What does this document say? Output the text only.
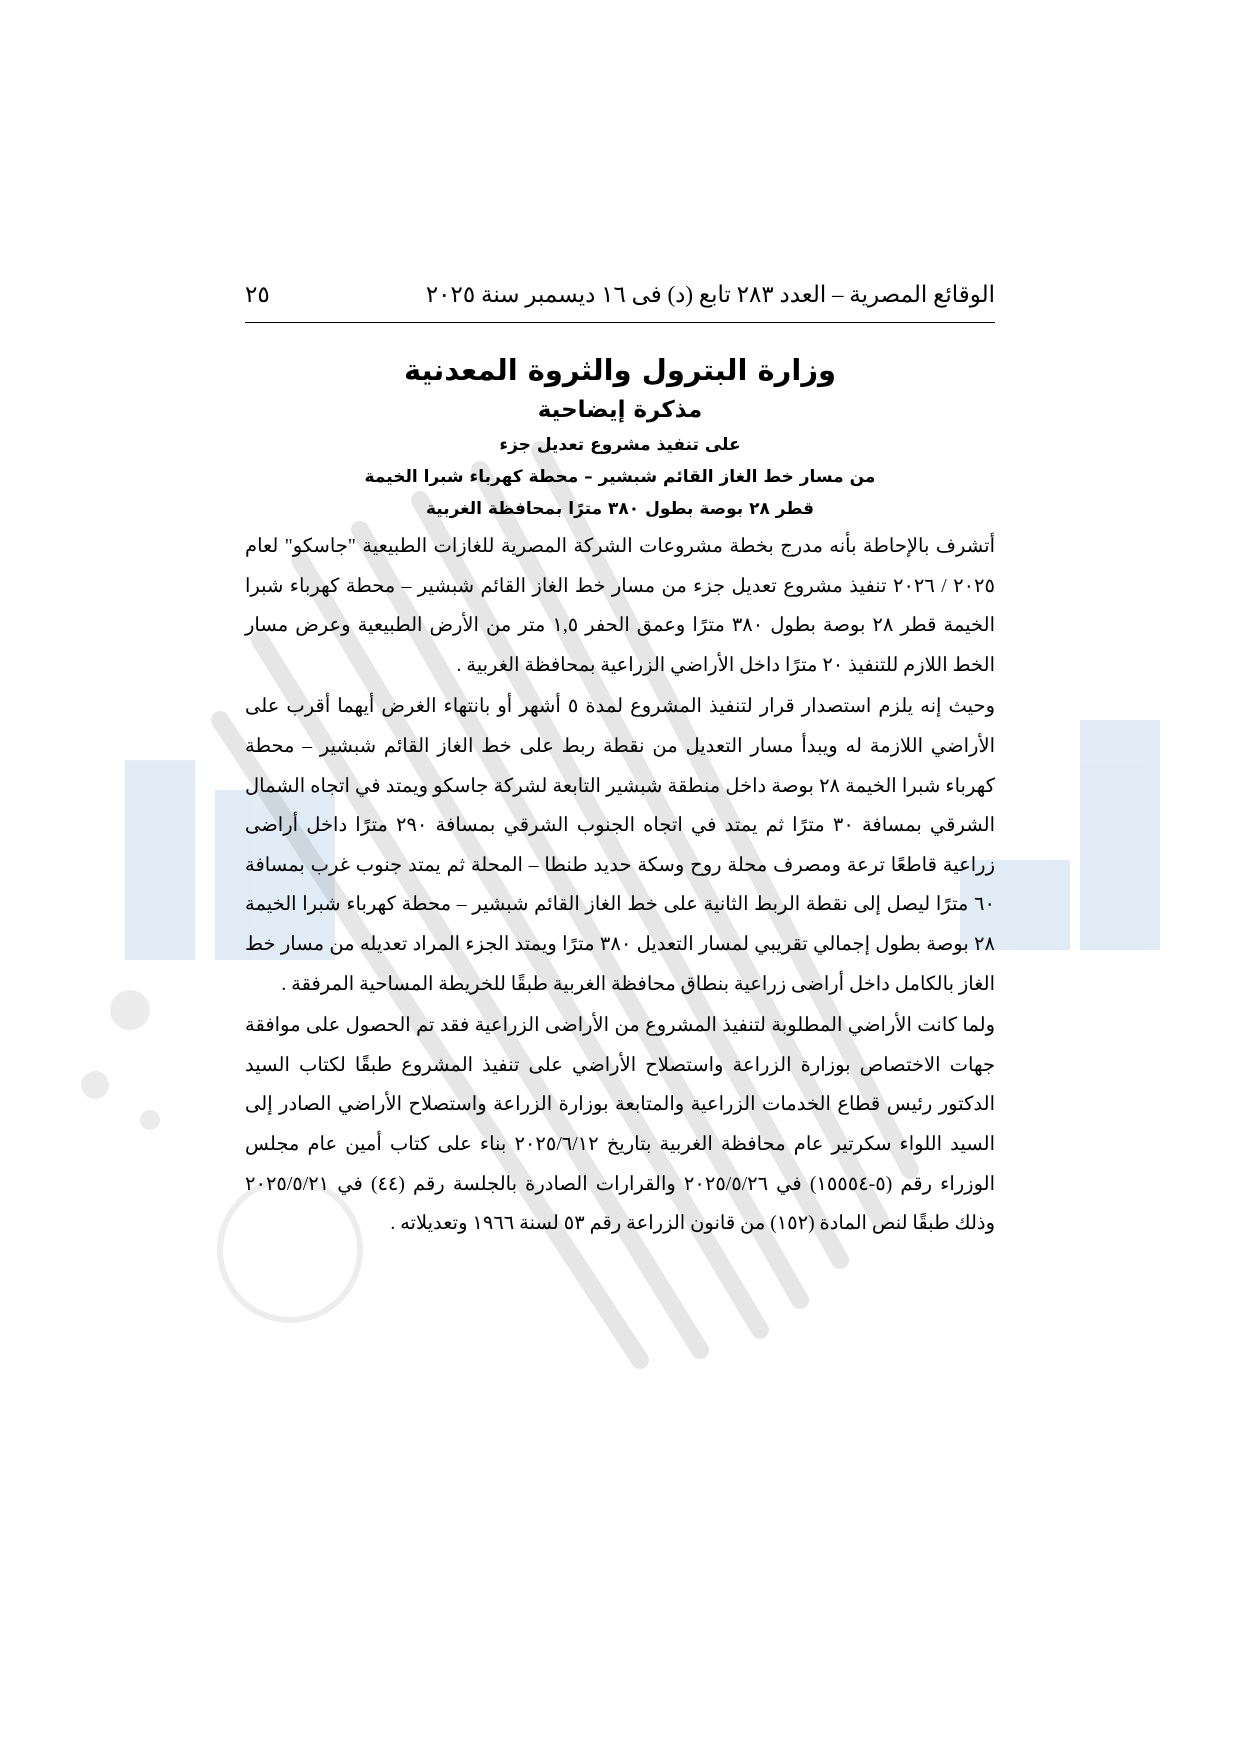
الوقائع المصرية – العدد ٢٨٣ تابع (د) فى ١٦ ديسمبر سنة ٢٠٢٥
٢٥
وزارة البترول والثروة المعدنية
مذكرة إيضاحية
على تنفيذ مشروع تعديل جزء
من مسار خط الغاز القائم شبشير – محطة كهرباء شبرا الخيمة
قطر ٢٨ بوصة بطول ٣٨٠ مترًا بمحافظة الغربية

أتشرف بالإحاطة بأنه مدرج بخطة مشروعات الشركة المصرية للغازات الطبيعية "جاسكو" لعام ٢٠٢٥ / ٢٠٢٦ تنفيذ مشروع تعديل جزء من مسار خط الغاز القائم شبشير – محطة كهرباء شبرا الخيمة قطر ٢٨ بوصة بطول ٣٨٠ مترًا وعمق الحفر ١,٥ متر من الأرض الطبيعية وعرض مسار الخط اللازم للتنفيذ ٢٠ مترًا داخل الأراضي الزراعية بمحافظة الغربية .

وحيث إنه يلزم استصدار قرار لتنفيذ المشروع لمدة ٥ أشهر أو بانتهاء الغرض أيهما أقرب على الأراضي اللازمة له ويبدأ مسار التعديل من نقطة ربط على خط الغاز القائم شبشير – محطة كهرباء شبرا الخيمة ٢٨ بوصة داخل منطقة شبشير التابعة لشركة جاسكو ويمتد في اتجاه الشمال الشرقي بمسافة ٣٠ مترًا ثم يمتد في اتجاه الجنوب الشرقي بمسافة ٢٩٠ مترًا داخل أراضى زراعية قاطعًا ترعة ومصرف محلة روح وسكة حديد طنطا – المحلة ثم يمتد جنوب غرب بمسافة ٦٠ مترًا ليصل إلى نقطة الربط الثانية على خط الغاز القائم شبشير – محطة كهرباء شبرا الخيمة ٢٨ بوصة بطول إجمالي تقريبي لمسار التعديل ٣٨٠ مترًا ويمتد الجزء المراد تعديله من مسار خط الغاز بالكامل داخل أراضى زراعية بنطاق محافظة الغربية طبقًا للخريطة المساحية المرفقة .

ولما كانت الأراضي المطلوبة لتنفيذ المشروع من الأراضى الزراعية فقد تم الحصول على موافقة جهات الاختصاص بوزارة الزراعة واستصلاح الأراضي على تنفيذ المشروع طبقًا لكتاب السيد الدكتور رئيس قطاع الخدمات الزراعية والمتابعة بوزارة الزراعة واستصلاح الأراضي الصادر إلى السيد اللواء سكرتير عام محافظة الغربية بتاريخ ٢٠٢٥/٦/١٢ بناء على كتاب أمين عام مجلس الوزراء رقم (٥-١٥٥٥٤) في ٢٠٢٥/٥/٢٦ والقرارات الصادرة بالجلسة رقم (٤٤) في ٢٠٢٥/٥/٢١ وذلك طبقًا لنص المادة (١٥٢) من قانون الزراعة رقم ٥٣ لسنة ١٩٦٦ وتعديلاته .
